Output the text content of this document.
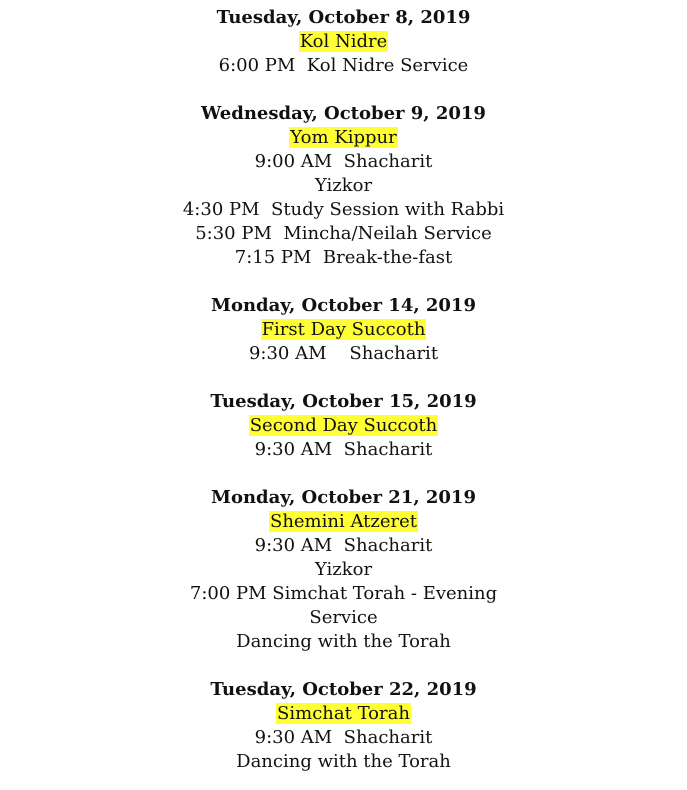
Tuesday, October 8, 2019
Kol Nidre
6:00 PM  Kol Nidre Service
Wednesday, October 9, 2019
Yom Kippur
9:00 AM  Shacharit
Yizkor
4:30 PM  Study Session with Rabbi
5:30 PM  Mincha/Neilah Service
7:15 PM  Break-the-fast
Monday, October 14, 2019
First Day Succoth
9:30 AM    Shacharit
Tuesday, October 15, 2019
Second Day Succoth
9:30 AM  Shacharit
Monday, October 21, 2019
Shemini Atzeret
9:30 AM  Shacharit
Yizkor
7:00 PM Simchat Torah - Evening Service
Dancing with the Torah
Tuesday, October 22, 2019
Simchat Torah
9:30 AM  Shacharit
Dancing with the Torah
